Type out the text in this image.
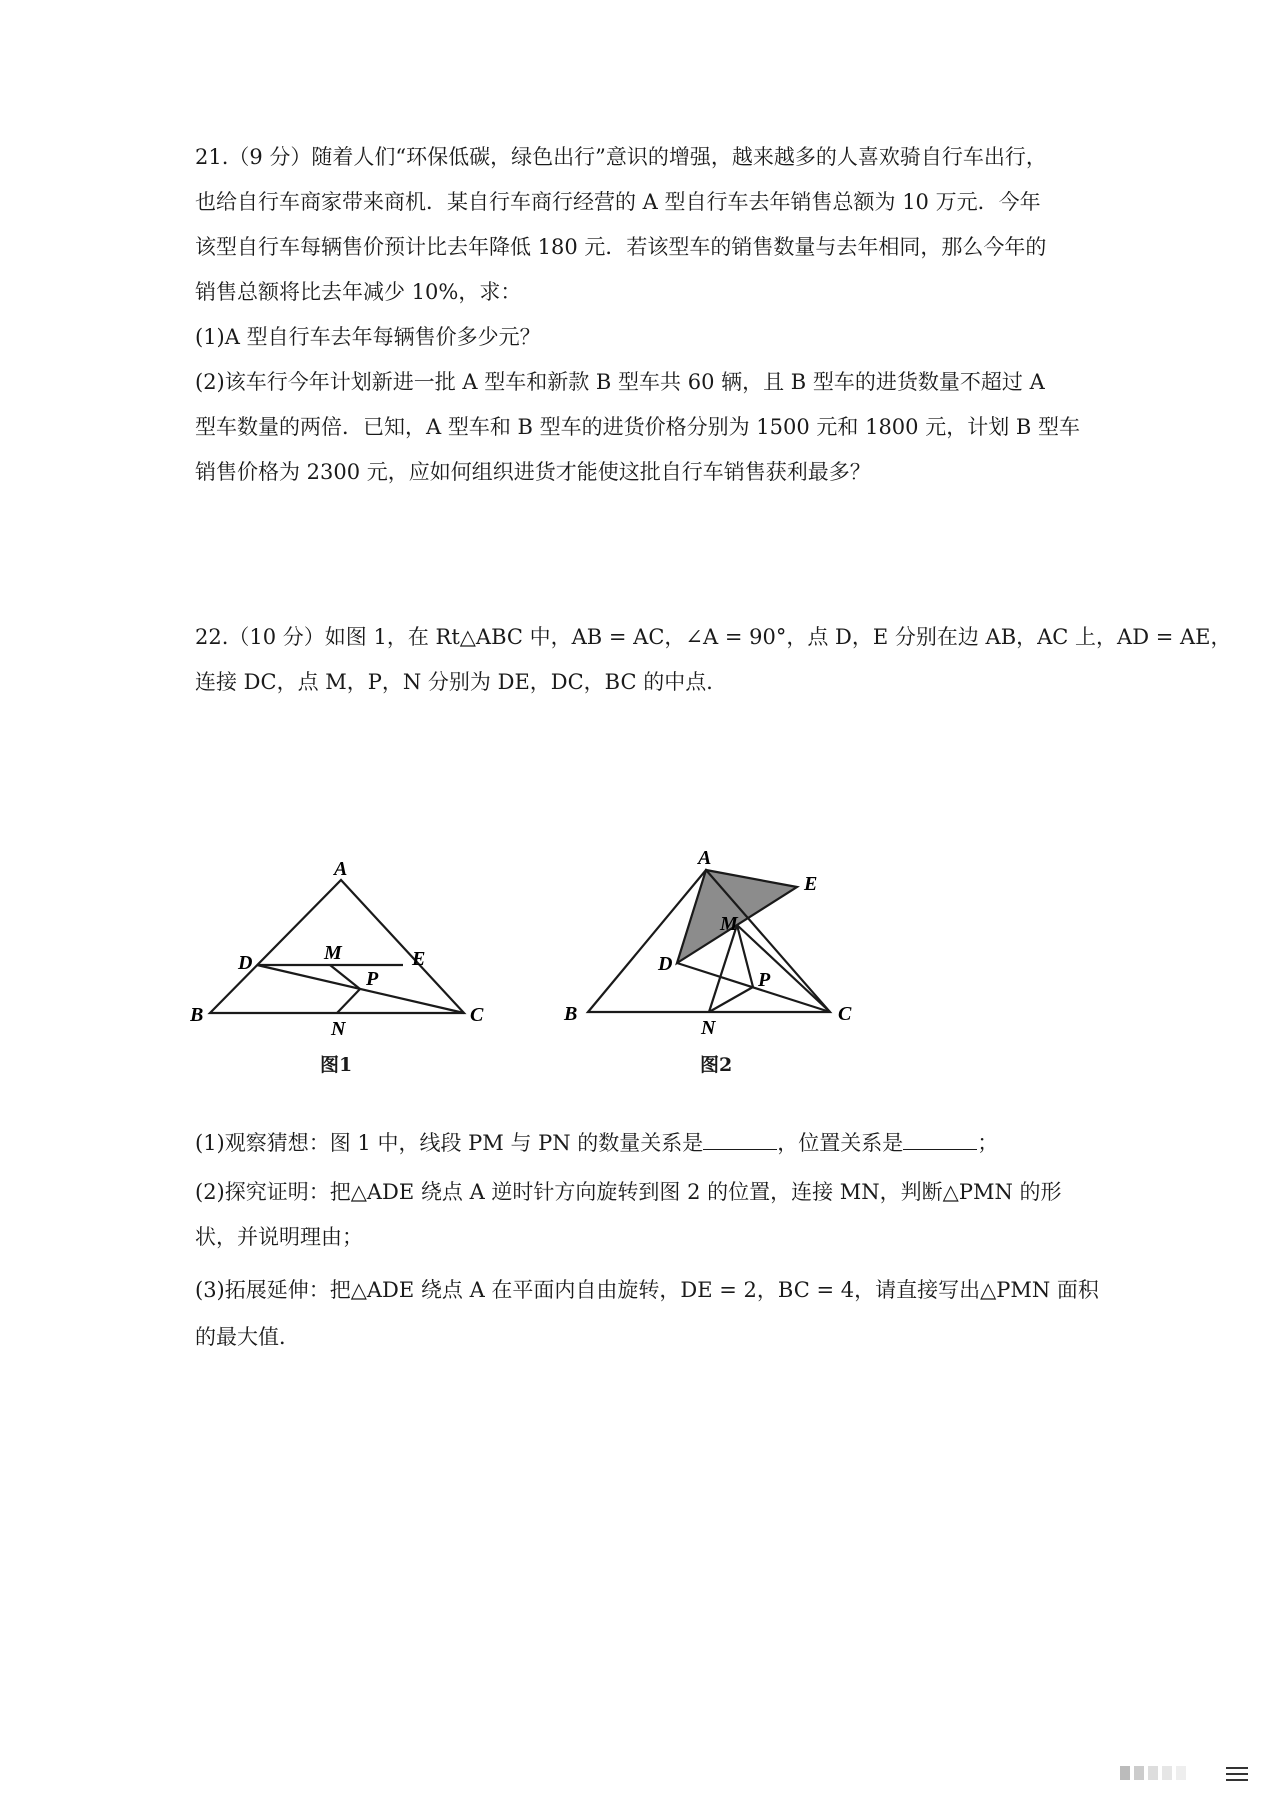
21.（9 分）随着人们“环保低碳，绿色出行”意识的增强，越来越多的人喜欢骑自行车出行，
也给自行车商家带来商机．某自行车商行经营的 A 型自行车去年销售总额为 10 万元．今年
该型自行车每辆售价预计比去年降低 180 元．若该型车的销售数量与去年相同，那么今年的
销售总额将比去年减少 10%，求：
(1)A 型自行车去年每辆售价多少元？
(2)该车行今年计划新进一批 A 型车和新款 B 型车共 60 辆，且 B 型车的进货数量不超过 A
型车数量的两倍．已知，A 型车和 B 型车的进货价格分别为 1500 元和 1800 元，计划 B 型车
销售价格为 2300 元，应如何组织进货才能使这批自行车销售获利最多？
22.（10 分）如图 1，在 Rt△ABC 中，AB = AC，∠A = 90°，点 D，E 分别在边 AB，AC 上，AD = AE，
连接 DC，点 M，P，N 分别为 DE，DC，BC 的中点．
A
B	C
D	E
M
N
P
图1
A
B	C
D
E
M
N
P
图2
(1)观察猜想：图 1 中，线段 PM 与 PN 的数量关系是	，位置关系是	；
(2)探究证明：把△ADE 绕点 A 逆时针方向旋转到图 2 的位置，连接 MN，判断△PMN 的形
状，并说明理由；
(3)拓展延伸：把△ADE 绕点 A 在平面内自由旋转，DE = 2，BC = 4，请直接写出△PMN 面积
的最大值．
